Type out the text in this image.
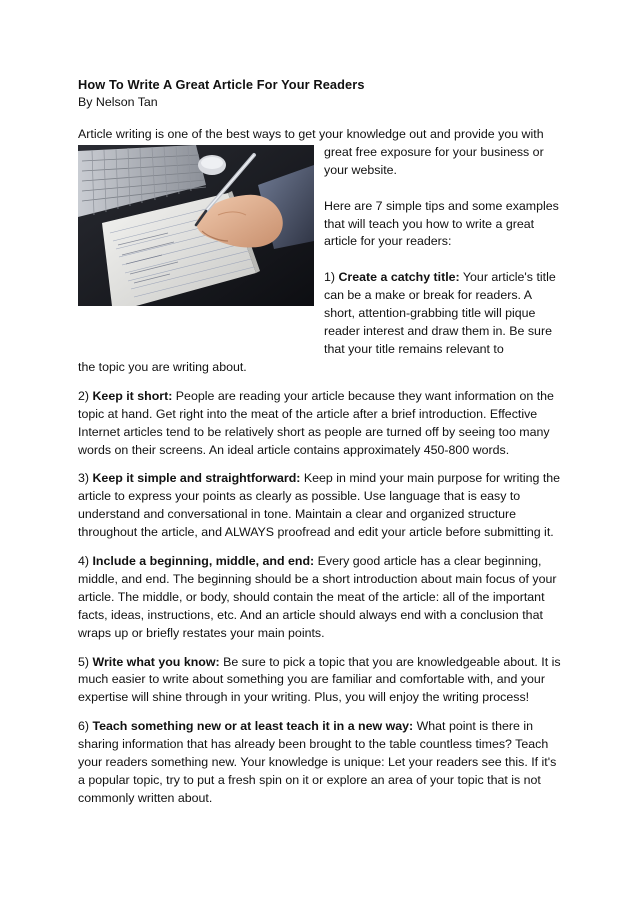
How To Write A Great Article For Your Readers

By Nelson Tan

Article writing is one of the best ways to get your knowledge out and provide you with

great free exposure for your business or your website.

Here are 7 simple tips and some examples that will teach you how to write a great article for your readers:

1) Create a catchy title: Your article's title can be a make or break for readers. A short, attention-grabbing title will pique reader interest and draw them in. Be sure that your title remains relevant to

the topic you are writing about.

2) Keep it short: People are reading your article because they want information on the topic at hand. Get right into the meat of the article after a brief introduction. Effective Internet articles tend to be relatively short as people are turned off by seeing too many words on their screens. An ideal article contains approximately 450-800 words.

3) Keep it simple and straightforward: Keep in mind your main purpose for writing the article to express your points as clearly as possible. Use language that is easy to understand and conversational in tone. Maintain a clear and organized structure throughout the article, and ALWAYS proofread and edit your article before submitting it.

4) Include a beginning, middle, and end: Every good article has a clear beginning, middle, and end. The beginning should be a short introduction about main focus of your article. The middle, or body, should contain the meat of the article: all of the important facts, ideas, instructions, etc. And an article should always end with a conclusion that wraps up or briefly restates your main points.

5) Write what you know: Be sure to pick a topic that you are knowledgeable about. It is much easier to write about something you are familiar and comfortable with, and your expertise will shine through in your writing. Plus, you will enjoy the writing process!

6) Teach something new or at least teach it in a new way: What point is there in sharing information that has already been brought to the table countless times? Teach your readers something new. Your knowledge is unique: Let your readers see this. If it's a popular topic, try to put a fresh spin on it or explore an area of your topic that is not commonly written about.
